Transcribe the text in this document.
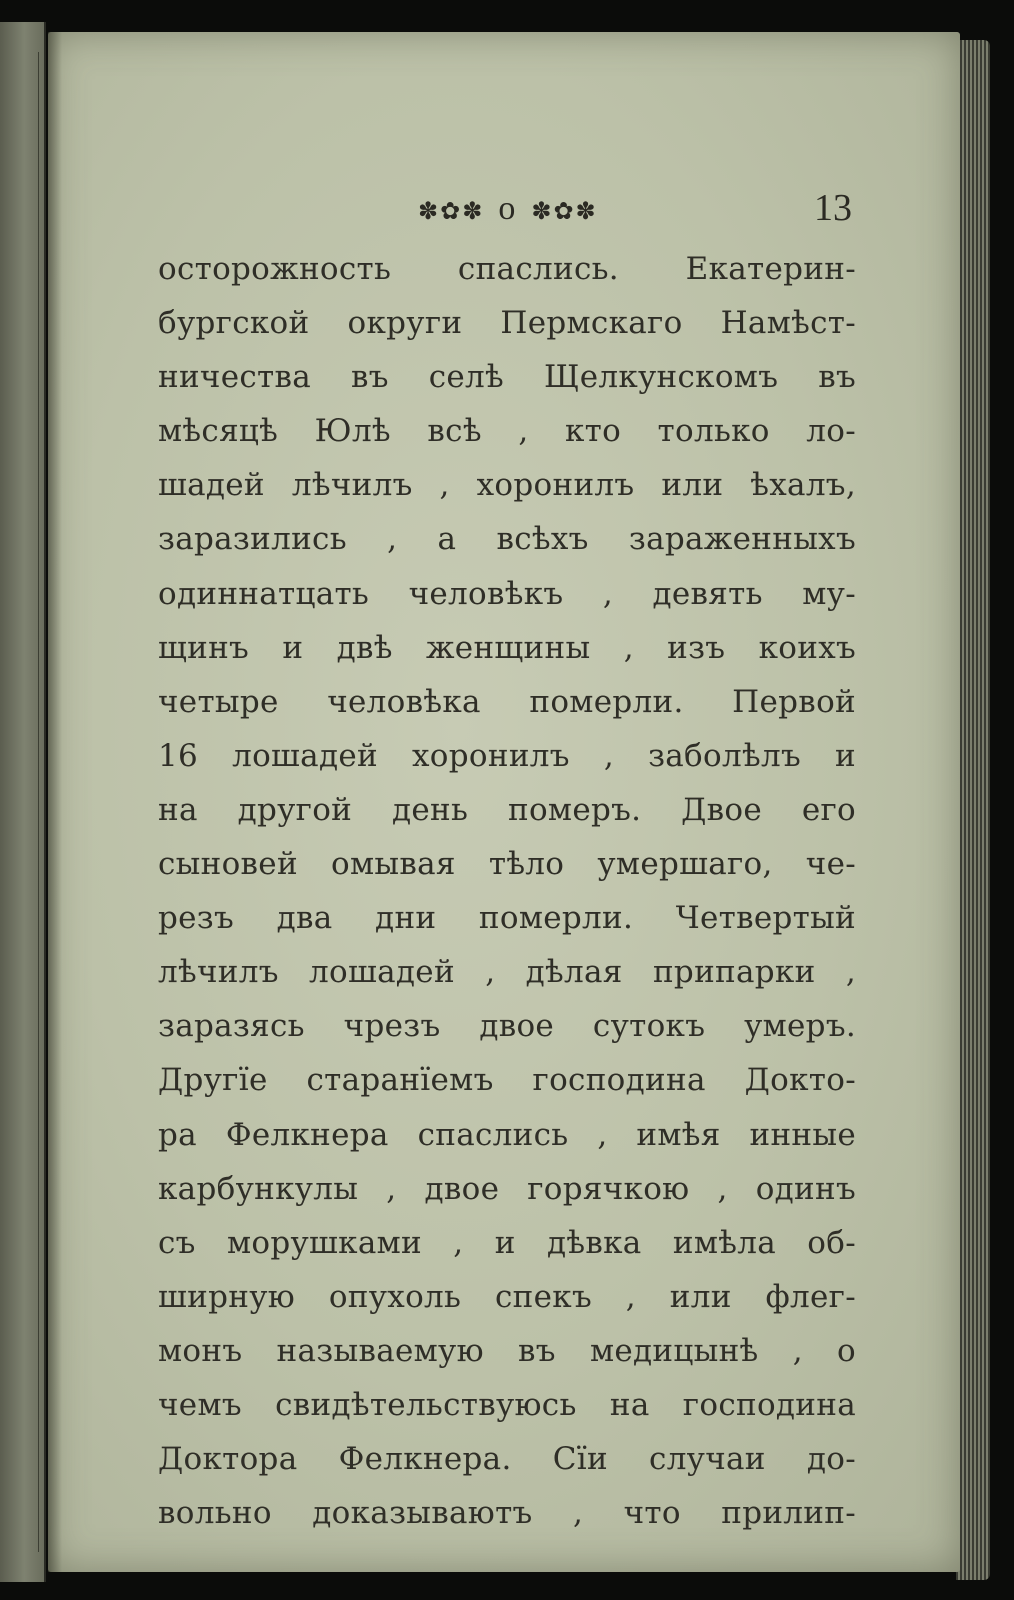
✽✿✽ о ✽✿✽	13
осторожность спаслись. Екатерин-
бургской округи Пермскаго Намѣст-
ничества въ селѣ Щелкунскомъ въ
мѣсяцѣ Юлѣ всѣ , кто только ло-
шадей лѣчилъ , хоронилъ или ѣхалъ,
заразились , а всѣхъ зараженныхъ
одиннатцать человѣкъ , девять му-
щинъ и двѣ женщины , изъ коихъ
четыре человѣка померли. Первой
16 лошадей хоронилъ , заболѣлъ и
на другой день померъ. Двое его
сыновей омывая тѣло умершаго, че-
резъ два дни померли. Четвертый
лѣчилъ лошадей , дѣлая припарки ,
заразясь чрезъ двое сутокъ умеръ.
Другїе старанїемъ господина Докто-
ра Фелкнера спаслись , имѣя инные
карбункулы , двое горячкою , одинъ
съ морушками , и дѣвка имѣла об-
ширную опухоль спекъ , или флег-
монъ называемую въ медицынѣ , о
чемъ свидѣтельствуюсь на господина
Доктора Фелкнера. Сїи случаи до-
вольно доказываютъ , что прилип-
